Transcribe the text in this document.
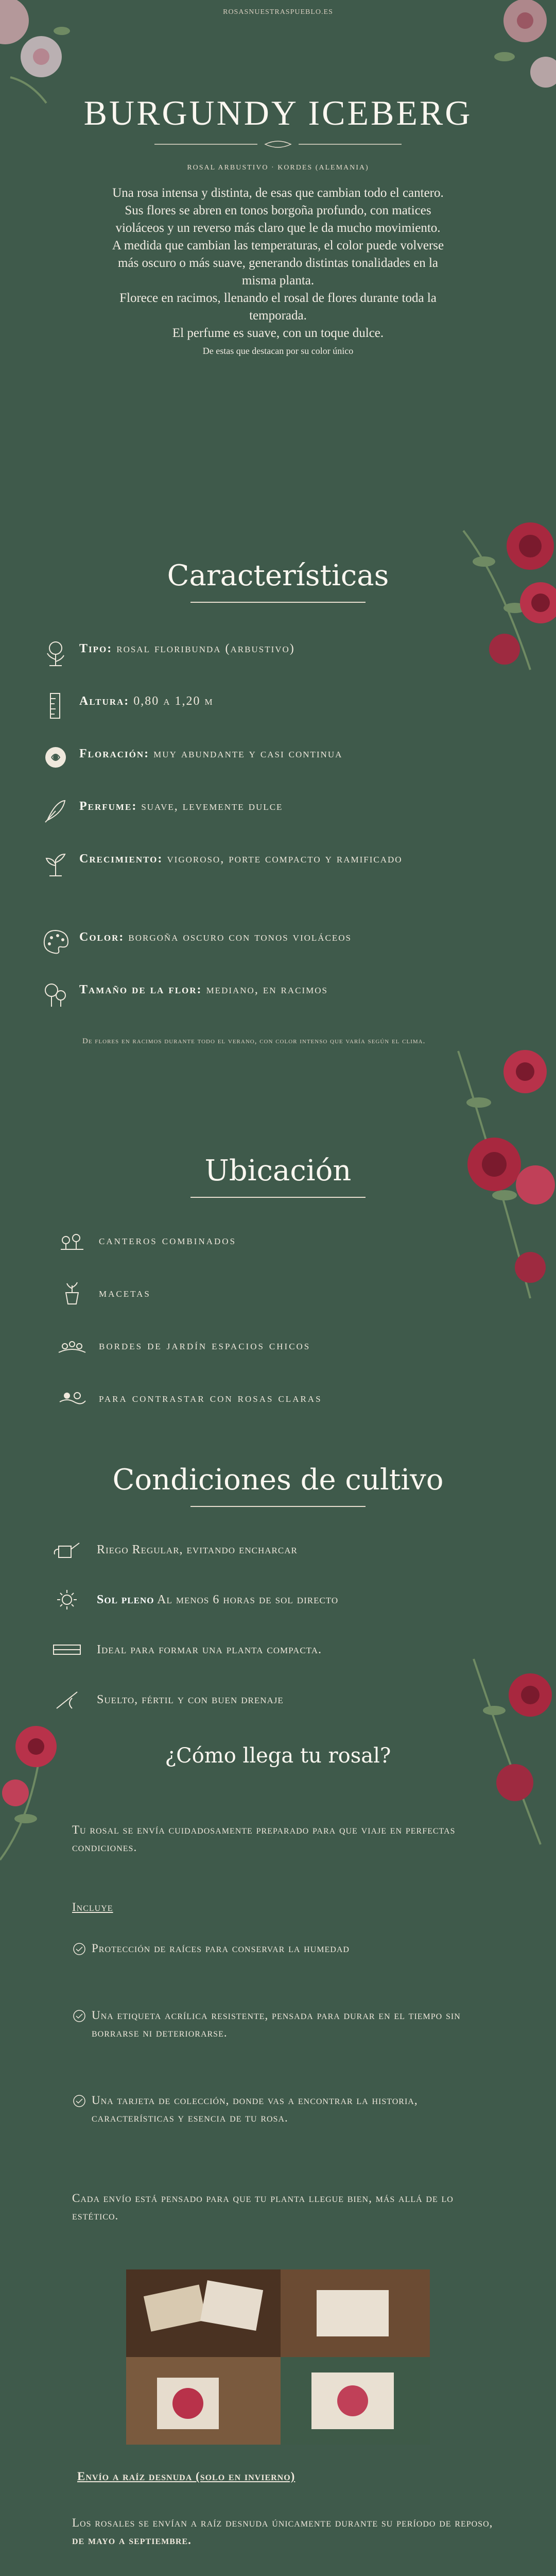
ROSASNUESTRASPUEBLO.ES
BURGUNDY ICEBERG
ROSAL ARBUSTIVO · KORDES (ALEMANIA)

Una rosa intensa y distinta, de esas que cambian todo el cantero.

Sus flores se abren en tonos borgoña profundo, con matices

violáceos y un reverso más claro que le da mucho movimiento.

A medida que cambian las temperaturas, el color puede volverse

más oscuro o más suave, generando distintas tonalidades en la

misma planta.

Florece en racimos, llenando el rosal de flores durante toda la

temporada.

El perfume es suave, con un toque dulce.

De estas que destacan por su color único

Características
Tipo: rosal floribunda (arbustivo)
Altura: 0,80 a 1,20 m
Floración: muy abundante y casi continua
Perfume: suave, levemente dulce
Crecimiento: vigoroso, porte compacto y ramificado
Color: borgoña oscuro con tonos violáceos
Tamaño de la flor: mediano, en racimos
De flores en racimos durante todo el verano, con color intenso que varía según el clima.
Ubicación
canteros combinados
macetas
bordes de jardín espacios chicos
para contrastar con rosas claras
Condiciones de cultivo
Riego Regular, evitando encharcar
Sol pleno Al menos 6 horas de sol directo
Ideal para formar una planta compacta.
Suelto, fértil y con buen drenaje
¿Cómo llega tu rosal?
Tu rosal se envía cuidadosamente preparado para que viaje en perfectas condiciones.
Incluye
Protección de raíces para conservar la humedad
Una etiqueta acrílica resistente, pensada para durar en el tiempo sin borrarse ni deteriorarse.
Una tarjeta de colección, donde vas a encontrar la historia, características y esencia de tu rosa.
Cada envío está pensado para que tu planta llegue bien, más allá de lo estético.
Envío a raíz desnuda (solo en invierno)
Los rosales se envían a raíz desnuda únicamente durante su período de reposo, de mayo a septiembre.
